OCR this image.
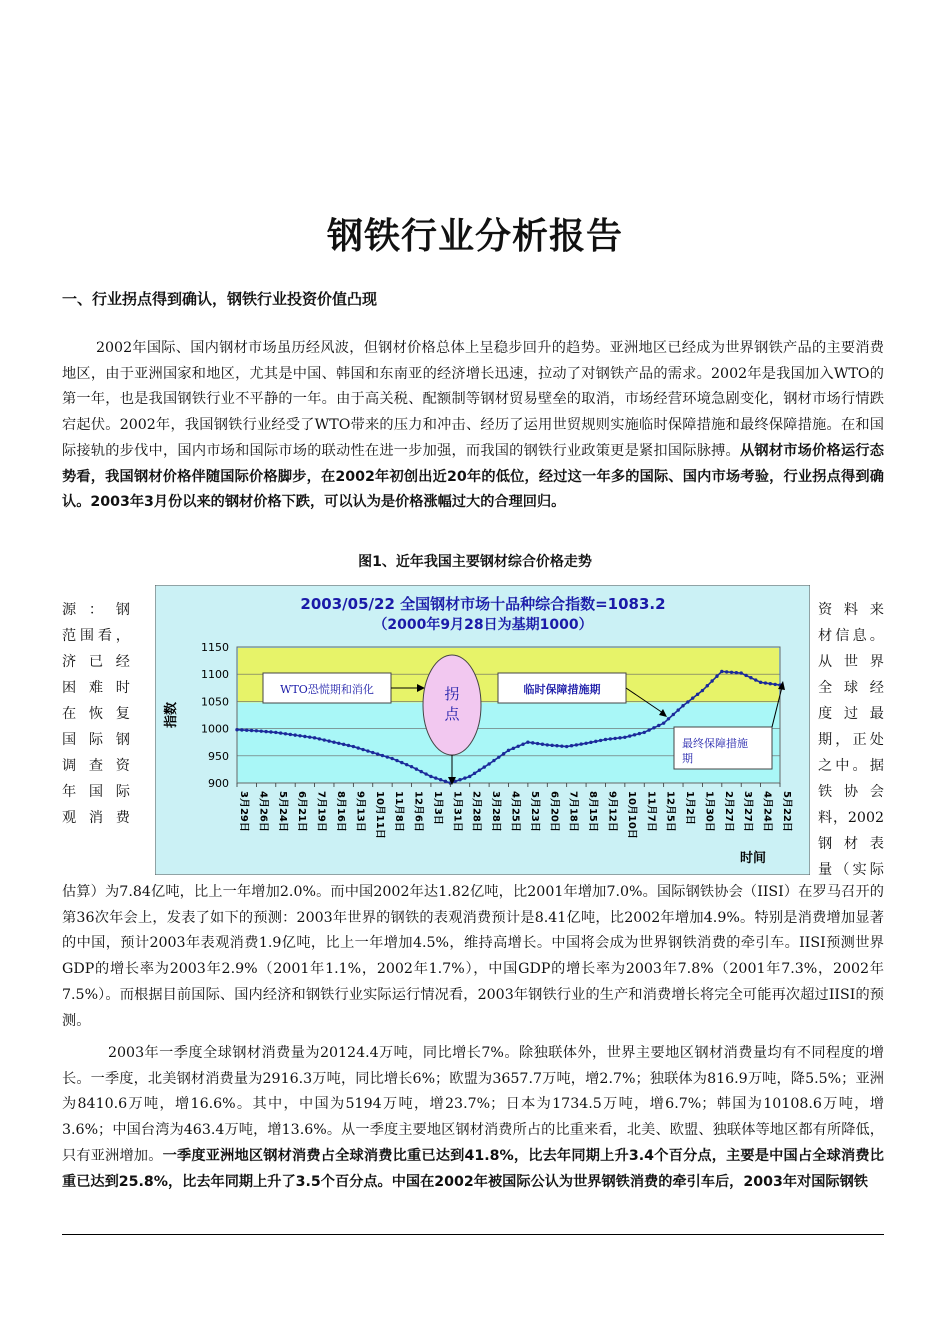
钢铁行业分析报告
一、行业拐点得到确认，钢铁行业投资价值凸现

2002年国际、国内钢材市场虽历经风波，但钢材价格总体上呈稳步回升的趋势。亚洲地区已经成为世界钢铁产品的主要消费地区，由于亚洲国家和地区，尤其是中国、韩国和东南亚的经济增长迅速，拉动了对钢铁产品的需求。2002年是我国加入WTO的第一年，也是我国钢铁行业不平静的一年。由于高关税、配额制等钢材贸易壁垒的取消，市场经营环境急剧变化，钢材市场行情跌宕起伏。2002年，我国钢铁行业经受了WTO带来的压力和冲击、经历了运用世贸规则实施临时保障措施和最终保障措施。在和国际接轨的步伐中，国内市场和国际市场的联动性在进一步加强，而我国的钢铁行业政策更是紧扣国际脉搏。从钢材市场价格运行态势看，我国钢材价格伴随国际价格脚步，在2002年初创出近20年的低位，经过这一年多的国际、国内市场考验，行业拐点得到确认。2003年3月份以来的钢材价格下跌，可以认为是价格涨幅过大的合理回归。

图1、近年我国主要钢材综合价格走势
源：钢
范围看，
济已经
困难时
在恢复
国际钢
调查资
年国际
观消费
资料来
材信息。
从世界
全球经
度过最
期，正处
之中。据
铁协会
料，2002
钢材表
量（实际
2003/05/22 全国钢材市场十品种综合指数=1083.2
（2000年9月28日为基期1000）
900
950
1000
1050
1100
1150
指数
3月29日 4月26日 5月24日 6月21日 7月19日 8月16日 9月13日 10月11日 11月8日 12月6日 1月3日 1月31日 2月28日 3月28日 4月25日 5月23日 6月20日 7月18日 8月15日 9月12日 10月10日 11月7日 12月5日 1月2日 1月30日 2月27日 3月27日 4月24日 5月22日
时间
WTO恐慌期和消化	拐
点
临时保障措施期
最终保障措施
期

估算）为7.84亿吨，比上一年增加2.0%。而中国2002年达1.82亿吨，比2001年增加7.0%。国际钢铁协会（IISI）在罗马召开的第36次年会上，发表了如下的预测：2003年世界的钢铁的表观消费预计是8.41亿吨，比2002年增加4.9%。特别是消费增加显著的中国，预计2003年表观消费1.9亿吨，比上一年增加4.5%，维持高增长。中国将会成为世界钢铁消费的牵引车。IISI预测世界GDP的增长率为2003年2.9%（2001年1.1%，2002年1.7%），中国GDP的增长率为2003年7.8%（2001年7.3%，2002年7.5%）。而根据目前国际、国内经济和钢铁行业实际运行情况看，2003年钢铁行业的生产和消费增长将完全可能再次超过IISI的预测。

2003年一季度全球钢材消费量为20124.4万吨，同比增长7%。除独联体外，世界主要地区钢材消费量均有不同程度的增长。一季度，北美钢材消费量为2916.3万吨，同比增长6%；欧盟为3657.7万吨，增2.7%；独联体为816.9万吨，降5.5%；亚洲为8410.6万吨，增16.6%。其中，中国为5194万吨，增23.7%；日本为1734.5万吨，增6.7%；韩国为10108.6万吨，增3.6%；中国台湾为463.4万吨，增13.6%。从一季度主要地区钢材消费所占的比重来看，北美、欧盟、独联体等地区都有所降低，只有亚洲增加。一季度亚洲地区钢材消费占全球消费比重已达到41.8%，比去年同期上升3.4个百分点，主要是中国占全球消费比重已达到25.8%，比去年同期上升了3.5个百分点。中国在2002年被国际公认为世界钢铁消费的牵引车后，2003年对国际钢铁
